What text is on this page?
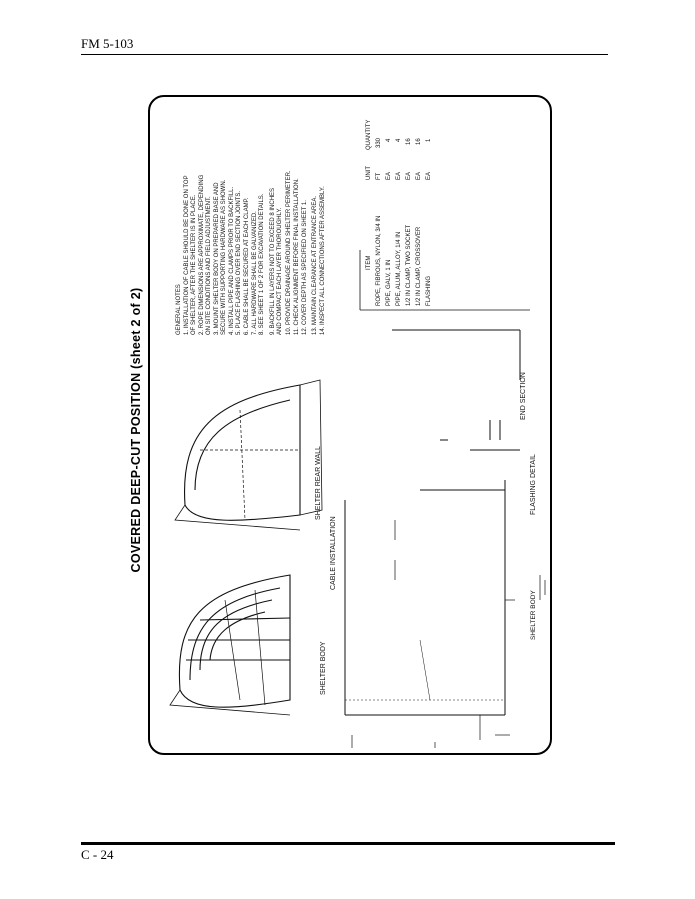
FM 5-103
COVERED DEEP-CUT POSITION (sheet 2 of 2)	GENERAL NOTES 1. INSTALLATION OF CABLE SHOULD BE DONE ON TOP OF SHELTER, AFTER THE SHELTER IS IN PLACE. 2. ROPE DIMENSIONS ARE APPROXIMATE, DEPENDING ON SITE CONDITIONS AND FIELD ADJUSTMENT. 3. MOUNT SHELTER BODY ON PREPARED BASE AND SECURE WITH SUPPORTING HARDWARE AS SHOWN. 4. INSTALL PIPE AND CLAMPS PRIOR TO BACKFILL. 5. PLACE FLASHING OVER END SECTION JOINTS. 6. CABLE SHALL BE SECURED AT EACH CLAMP. 7. ALL HARDWARE SHALL BE GALVANIZED. 8. SEE SHEET 1 OF 2 FOR EXCAVATION DETAILS. 9. BACKFILL IN LAYERS NOT TO EXCEED 8 INCHES AND COMPACT EACH LAYER THOROUGHLY. 10. PROVIDE DRAINAGE AROUND SHELTER PERIMETER. 11. CHECK ALIGNMENT BEFORE FINAL INSTALLATION. 12. COVER DEPTH AS SPECIFIED ON SHEET 1. 13. MAINTAIN CLEARANCE AT ENTRANCE AREA. 14. INSPECT ALL CONNECTIONS AFTER ASSEMBLY.	ITEM
UNIT
QUANTITY
ROPE, FIBROUS, NYLON, 3/4 IN
FT
330
PIPE, GALV, 1 IN
EA
4
PIPE, ALUM, ALLOY, 1/4 IN
EA
4
1/2 IN CLAMP, TWO SOCKET
EA
16
1/2 IN CLAMP, CROSSOVER
EA
16
FLASHING
EA
1
SHELTER BODY
CABLE INSTALLATION
SHELTER REAR WALL
END SECTION
FLASHING DETAIL
SHELTER BODY
C - 24
